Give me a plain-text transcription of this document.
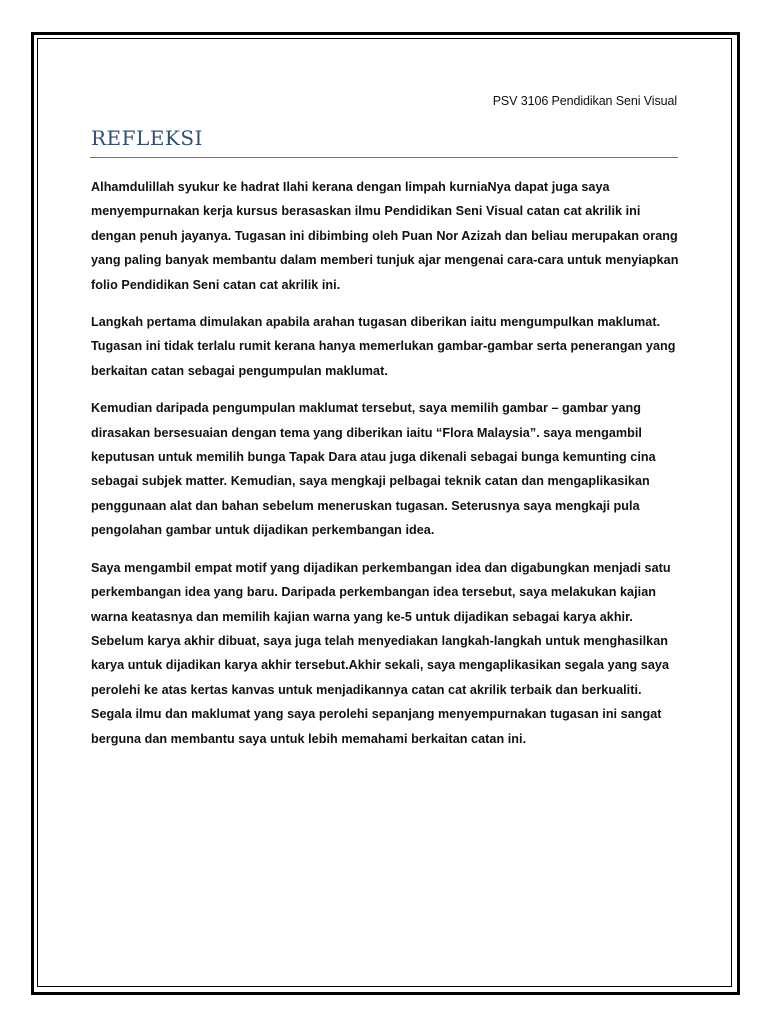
PSV 3106 Pendidikan Seni Visual
REFLEKSI

Alhamdulillah syukur ke hadrat Ilahi kerana dengan limpah kurniaNya dapat juga saya menyempurnakan kerja kursus berasaskan ilmu Pendidikan Seni Visual catan cat akrilik ini dengan penuh jayanya. Tugasan ini dibimbing oleh Puan Nor Azizah dan beliau merupakan orang yang paling banyak membantu dalam memberi tunjuk ajar mengenai cara-cara untuk menyiapkan folio Pendidikan Seni catan cat akrilik ini.

Langkah pertama dimulakan apabila arahan tugasan diberikan iaitu mengumpulkan maklumat. Tugasan ini tidak terlalu rumit kerana hanya memerlukan gambar-gambar serta penerangan yang berkaitan catan sebagai pengumpulan maklumat.

Kemudian daripada pengumpulan maklumat tersebut, saya memilih gambar – gambar yang dirasakan bersesuaian dengan tema yang diberikan iaitu “Flora Malaysia”. saya mengambil keputusan untuk memilih bunga Tapak Dara atau juga dikenali sebagai bunga kemunting cina sebagai subjek matter. Kemudian, saya mengkaji pelbagai teknik catan dan mengaplikasikan penggunaan alat dan bahan sebelum meneruskan tugasan. Seterusnya saya mengkaji pula pengolahan gambar untuk dijadikan perkembangan idea.

Saya mengambil empat motif yang dijadikan perkembangan idea dan digabungkan menjadi satu perkembangan idea yang baru. Daripada perkembangan idea tersebut, saya melakukan kajian warna keatasnya dan memilih kajian warna yang ke-5 untuk dijadikan sebagai karya akhir. Sebelum karya akhir dibuat, saya juga telah menyediakan langkah-langkah untuk menghasilkan karya untuk dijadikan karya akhir tersebut.Akhir sekali, saya mengaplikasikan segala yang saya perolehi ke atas kertas kanvas untuk menjadikannya catan cat akrilik terbaik dan berkualiti. Segala ilmu dan maklumat yang saya perolehi sepanjang menyempurnakan tugasan ini sangat berguna dan membantu saya untuk lebih memahami berkaitan catan ini.
